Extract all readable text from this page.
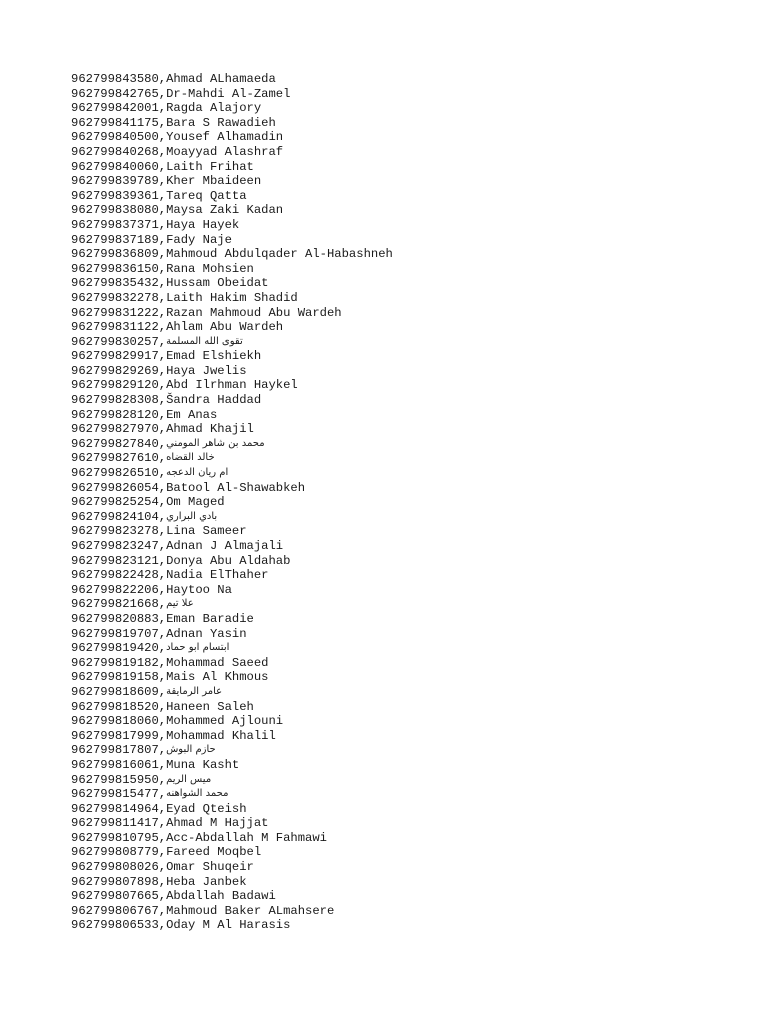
962799843580 , Ahmad ALhamaeda
962799842765 , Dr-Mahdi Al-Zamel
962799842001 , Ragda Alajory
962799841175 , Bara S Rawadieh
962799840500 , Yousef Alhamadin
962799840268 , Moayyad Alashraf
962799840060 , Laith Frihat
962799839789 , Kher Mbaideen
962799839361 , Tareq Qatta
962799838080 , Maysa Zaki Kadan
962799837371 , Haya Hayek
962799837189 , Fady Naje
962799836809 , Mahmoud Abdulqader Al-Habashneh
962799836150 , Rana Mohsien
962799835432 , Hussam Obeidat
962799832278 , Laith Hakim Shadid
962799831222 , Razan Mahmoud Abu Wardeh
962799831122 , Ahlam Abu Wardeh
962799830257 , تقوى الله المسلمة
962799829917 , Emad Elshiekh
962799829269 , Haya Jwelis
962799829120 , Abd Ilrhman Haykel
962799828308 , Šandra Haddad
962799828120 , Em Anas
962799827970 , Ahmad Khajil
962799827840 , محمد بن شاهر المومني
962799827610 , خالد القضاه
962799826510 , ام ريان الدعجه
962799826054 , Batool Al-Shawabkeh
962799825254 , Om Maged
962799824104 , بادي البراري
962799823278 , Lina Sameer
962799823247 , Adnan J Almajali
962799823121 , Donya Abu Aldahab
962799822428 , Nadia ElThaher
962799822206 , Haytoo Na
962799821668 , علا تيم
962799820883 , Eman Baradie
962799819707 , Adnan Yasin
962799819420 , ابتسام ابو حماد
962799819182 , Mohammad Saeed
962799819158 , Mais Al Khmous
962799818609 , عامر الرمايقة
962799818520 , Haneen Saleh
962799818060 , Mohammed Ajlouni
962799817999 , Mohammad Khalil
962799817807 , حازم البوش
962799816061 , Muna Kasht
962799815950 , ميس الريم
962799815477 , محمد الشواهنه
962799814964 , Eyad Qteish
962799811417 , Ahmad M Hajjat
962799810795 , Acc-Abdallah M Fahmawi
962799808779 , Fareed Moqbel
962799808026 , Omar Shuqeir
962799807898 , Heba Janbek
962799807665 , Abdallah Badawi
962799806767 , Mahmoud Baker ALmahsere
962799806533 , Oday M Al Harasis
